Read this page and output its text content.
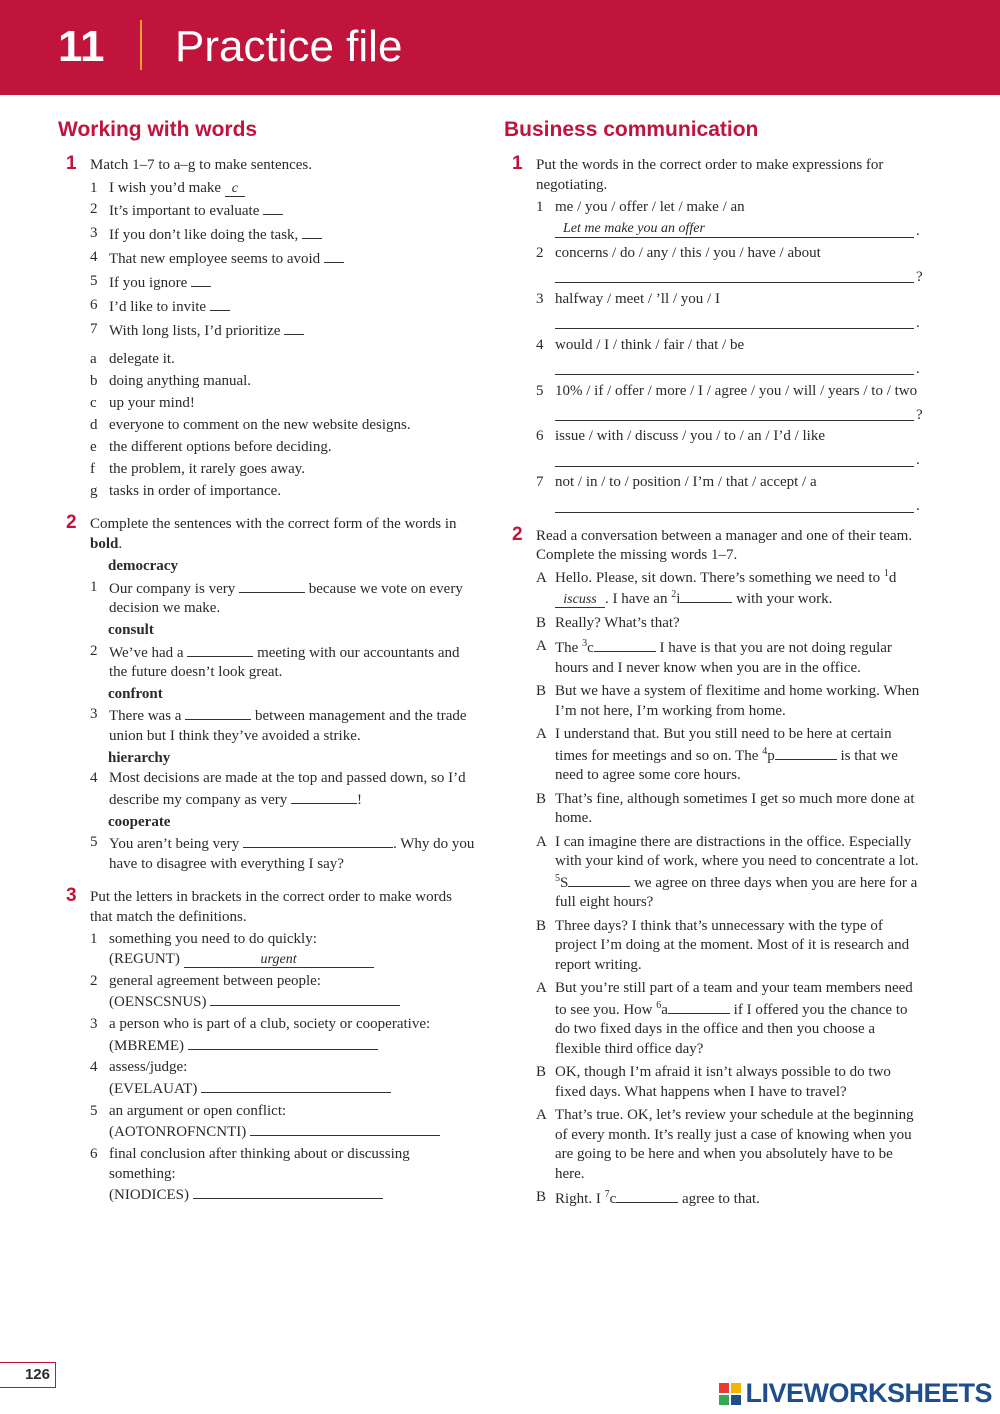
11 Practice file
Working with words
1 Match 1–7 to a–g to make sentences.
1 I wish you’d make c
2 It’s important to evaluate
3 If you don’t like doing the task,
4 That new employee seems to avoid
5 If you ignore
6 I’d like to invite
7 With long lists, I’d prioritize
a delegate it.
b doing anything manual.
c up your mind!
d everyone to comment on the new website designs.
e the different options before deciding.
f the problem, it rarely goes away.
g tasks in order of importance.
2 Complete the sentences with the correct form of the words in bold.
democracy
1 Our company is very	because we vote on every decision we make.
consult
2 We’ve had a	meeting with our accountants and the future doesn’t look great.
confront
3 There was a	between management and the trade union but I think they’ve avoided a strike.
hierarchy
4 Most decisions are made at the top and passed down, so I’d describe my company as very	!
cooperate
5 You aren’t being very	. Why do you have to disagree with everything I say?
3 Put the letters in brackets in the correct order to make words that match the definitions.
1 something you need to do quickly:
(REGUNT)	urgent
2 general agreement between people:
(OENSCSNUS)
3 a person who is part of a club, society or cooperative:
(MBREME)
4 assess/judge:
(EVELAUAT)
5 an argument or open conflict:
(AOTONROFNCNTI)
6 final conclusion after thinking about or discussing something:
(NIODICES)
Business communication
1 Put the words in the correct order to make expressions for negotiating.
1 me / you / offer / let / make / an
Let me make you an offer	.
2 concerns / do / any / this / you / have / about
?
3 halfway / meet / ’ll / you / I
.
4 would / I / think / fair / that / be
.
5 10% / if / offer / more / I / agree / you / will / years / to / two
?
6 issue / with / discuss / you / to / an / I’d / like
.
7 not / in / to / position / I’m / that / accept / a
.
2 Read a conversation between a manager and one of their team. Complete the missing words 1–7.
A Hello. Please, sit down. There’s something we need to $^1$discuss . I have an $^2$i	with your work.
B Really? What’s that?
A The $^3$c	I have is that you are not doing regular hours and I never know when you are in the office.
B But we have a system of flexitime and home working. When I’m not here, I’m working from home.
A I understand that. But you still need to be here at certain times for meetings and so on. The $^4$p	is that we need to agree some core hours.
B That’s fine, although sometimes I get so much more done at home.
A I can imagine there are distractions in the office. Especially with your kind of work, where you need to concentrate a lot. $^5$S	we agree on three days when you are here for a full eight hours?
B Three days? I think that’s unnecessary with the type of project I’m doing at the moment. Most of it is research and report writing.
A But you’re still part of a team and your team members need to see you. How $^6$a	if I offered you the chance to do two fixed days in the office and then you choose a flexible third office day?
B OK, though I’m afraid it isn’t always possible to do two fixed days. What happens when I have to travel?
A That’s true. OK, let’s review your schedule at the beginning of every month. It’s really just a case of knowing when you are going to be here and when you absolutely have to be here.
B Right. I $^7$c	agree to that.
126
LIVEWORKSHEETS
